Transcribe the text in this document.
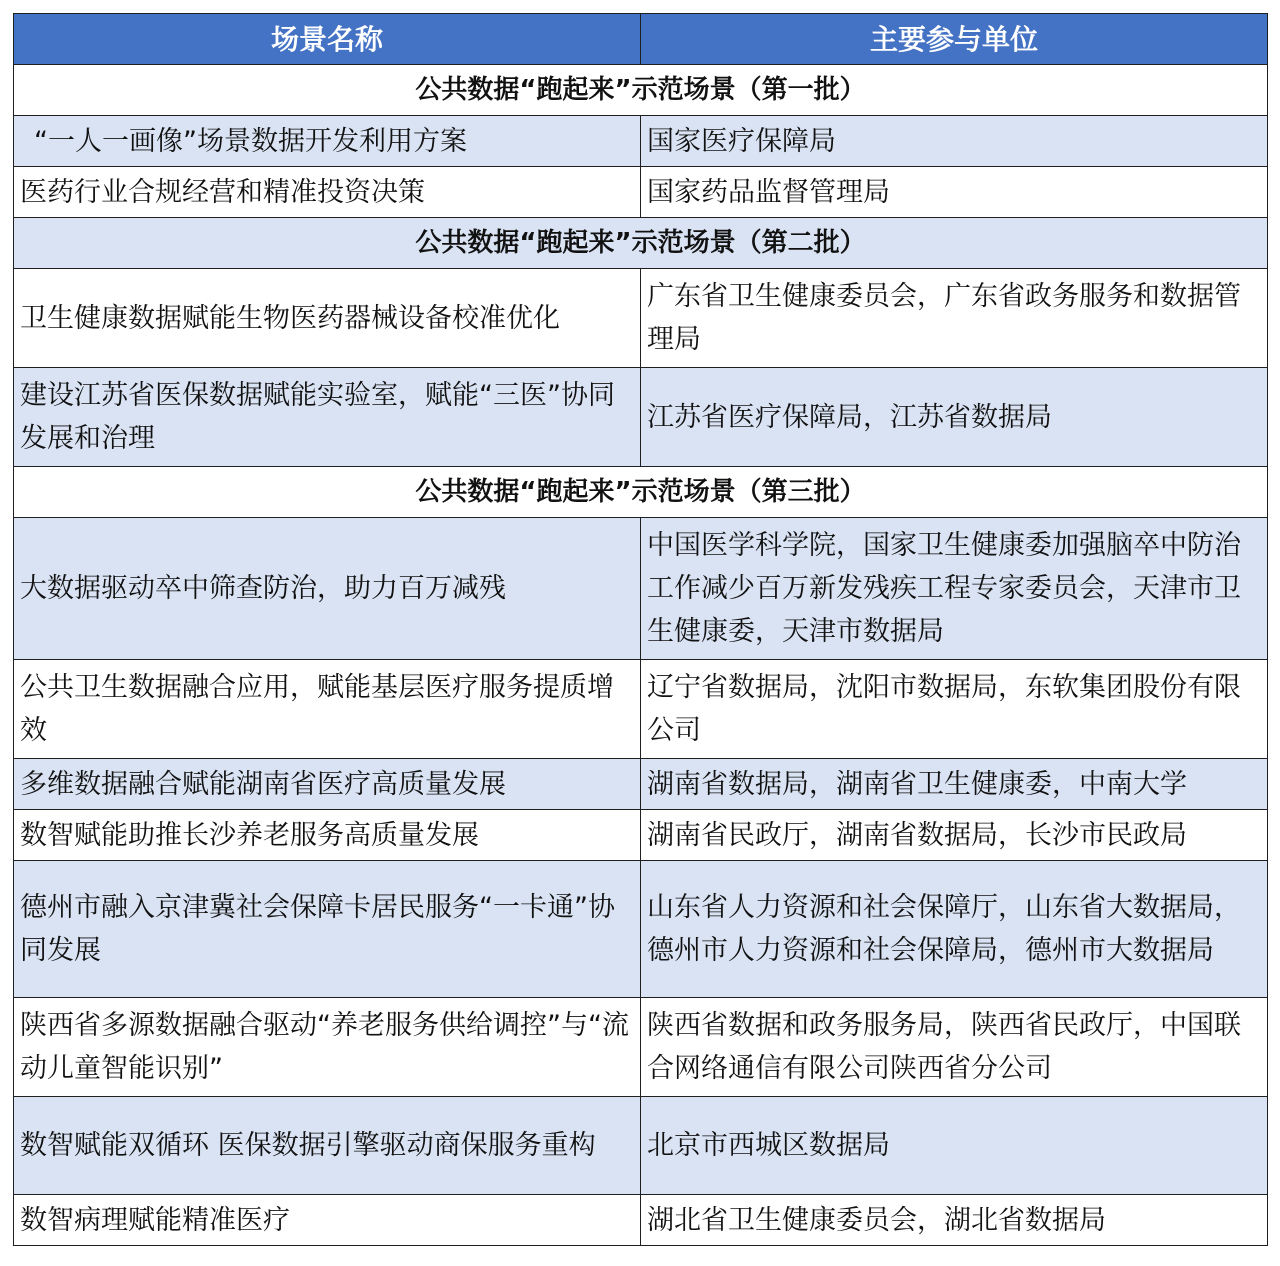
场景名称	主要参与单位
公共数据“跑起来”示范场景（第一批）	
“一人一画像”场景数据开发利用方案	国家医疗保障局
医药行业合规经营和精准投资决策	国家药品监督管理局
公共数据“跑起来”示范场景（第二批）	
卫生健康数据赋能生物医药器械设备校准优化	广东省卫生健康委员会，广东省政务服务和数据管理局
建设江苏省医保数据赋能实验室，赋能“三医”协同发展和治理	江苏省医疗保障局，江苏省数据局
公共数据“跑起来”示范场景（第三批）	
大数据驱动卒中筛查防治，助力百万减残	中国医学科学院，国家卫生健康委加强脑卒中防治工作减少百万新发残疾工程专家委员会，天津市卫生健康委，天津市数据局
公共卫生数据融合应用，赋能基层医疗服务提质增效	辽宁省数据局，沈阳市数据局，东软集团股份有限公司
多维数据融合赋能湖南省医疗高质量发展	湖南省数据局，湖南省卫生健康委，中南大学
数智赋能助推长沙养老服务高质量发展	湖南省民政厅，湖南省数据局，长沙市民政局
德州市融入京津冀社会保障卡居民服务“一卡通”协同发展	山东省人力资源和社会保障厅，山东省大数据局，德州市人力资源和社会保障局，德州市大数据局
陕西省多源数据融合驱动“养老服务供给调控”与“流动儿童智能识别”	陕西省数据和政务服务局，陕西省民政厅，中国联合网络通信有限公司陕西省分公司
数智赋能双循环 医保数据引擎驱动商保服务重构	北京市西城区数据局
数智病理赋能精准医疗	湖北省卫生健康委员会，湖北省数据局
